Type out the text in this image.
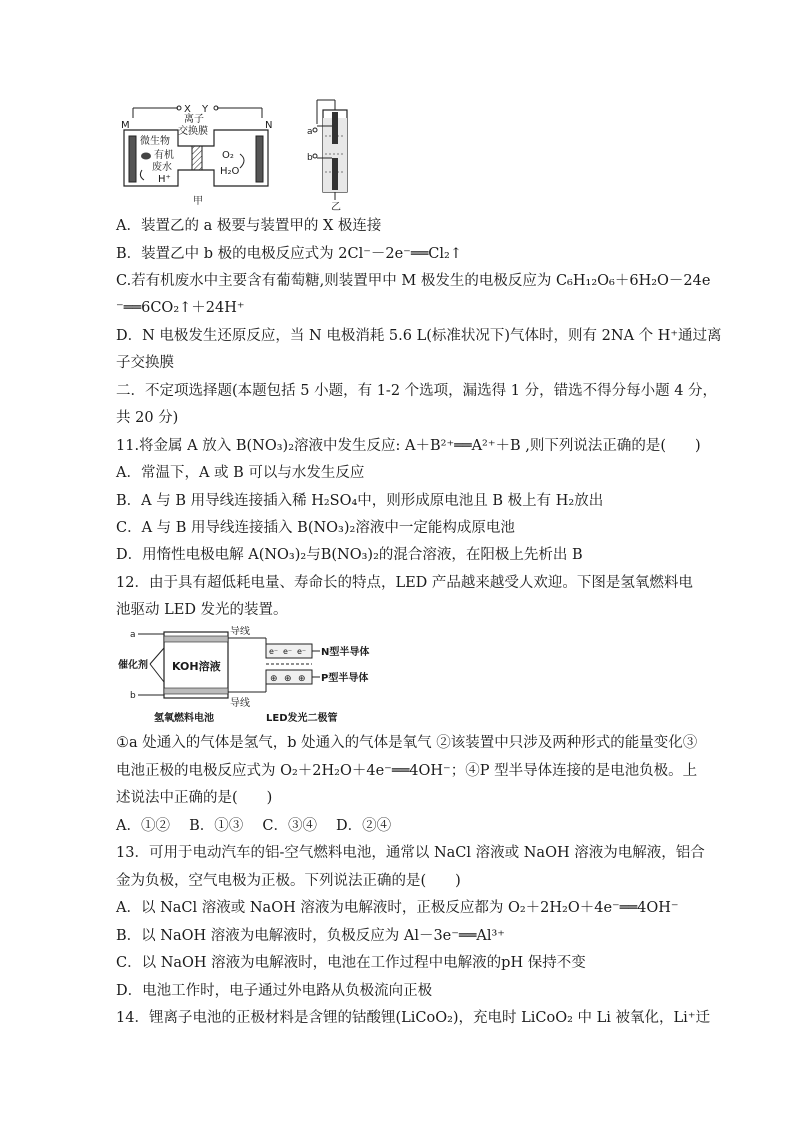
X Y
M	N
离子
交换膜
微生物
有机
废水
H⁺
O₂
H₂O
甲
a
b
乙
A．装置乙的 a 极要与装置甲的 X 极连接
B．装置乙中 b 极的电极反应式为 2Cl⁻－2e⁻══Cl₂↑
C.若有机废水中主要含有葡萄糖,则装置甲中 M 极发生的电极反应为 C₆H₁₂O₆＋6H₂O－24e
⁻══6CO₂↑＋24H⁺
D．N 电极发生还原反应，当 N 电极消耗 5.6 L(标准状况下)气体时，则有 2NA 个 H⁺通过离
子交换膜
二．不定项选择题(本题包括 5 小题，有 1-2 个选项，漏选得 1 分，错选不得分每小题 4 分，
共 20 分)
11.将金属 A 放入 B(NO₃)₂溶液中发生反应: A＋B²⁺══A²⁺＋B ,则下列说法正确的是(　　)
A．常温下，A 或 B 可以与水发生反应
B．A 与 B 用导线连接插入稀 H₂SO₄中，则形成原电池且 B 极上有 H₂放出
C．A 与 B 用导线连接插入 B(NO₃)₂溶液中一定能构成原电池
D．用惰性电极电解 A(NO₃)₂与B(NO₃)₂的混合溶液，在阳极上先析出 B
12．由于具有超低耗电量、寿命长的特点，LED 产品越来越受人欢迎。下图是氢氧燃料电
池驱动 LED 发光的装置。
a
b
催化剂 KOH溶液
导线
导线
e⁻ e⁻ e⁻
⊕ ⊕ ⊕
N型半导体
P型半导体
氢氧燃料电池	LED发光二极管
①a 处通入的气体是氢气，b 处通入的气体是氧气 ②该装置中只涉及两种形式的能量变化③
电池正极的电极反应式为 O₂＋2H₂O＋4e⁻══4OH⁻；④P 型半导体连接的是电池负极。上
述说法中正确的是(　　)
A．①②　 B．①③　 C．③④　 D．②④
13．可用于电动汽车的铝-空气燃料电池，通常以 NaCl 溶液或 NaOH 溶液为电解液，铝合
金为负极，空气电极为正极。下列说法正确的是(　　)
A．以 NaCl 溶液或 NaOH 溶液为电解液时，正极反应都为 O₂＋2H₂O＋4e⁻══4OH⁻
B．以 NaOH 溶液为电解液时，负极反应为 Al－3e⁻══Al³⁺
C．以 NaOH 溶液为电解液时，电池在工作过程中电解液的pH 保持不变
D．电池工作时，电子通过外电路从负极流向正极
14．锂离子电池的正极材料是含锂的钴酸锂(LiCoO₂)，充电时 LiCoO₂ 中 Li 被氧化，Li⁺迁
